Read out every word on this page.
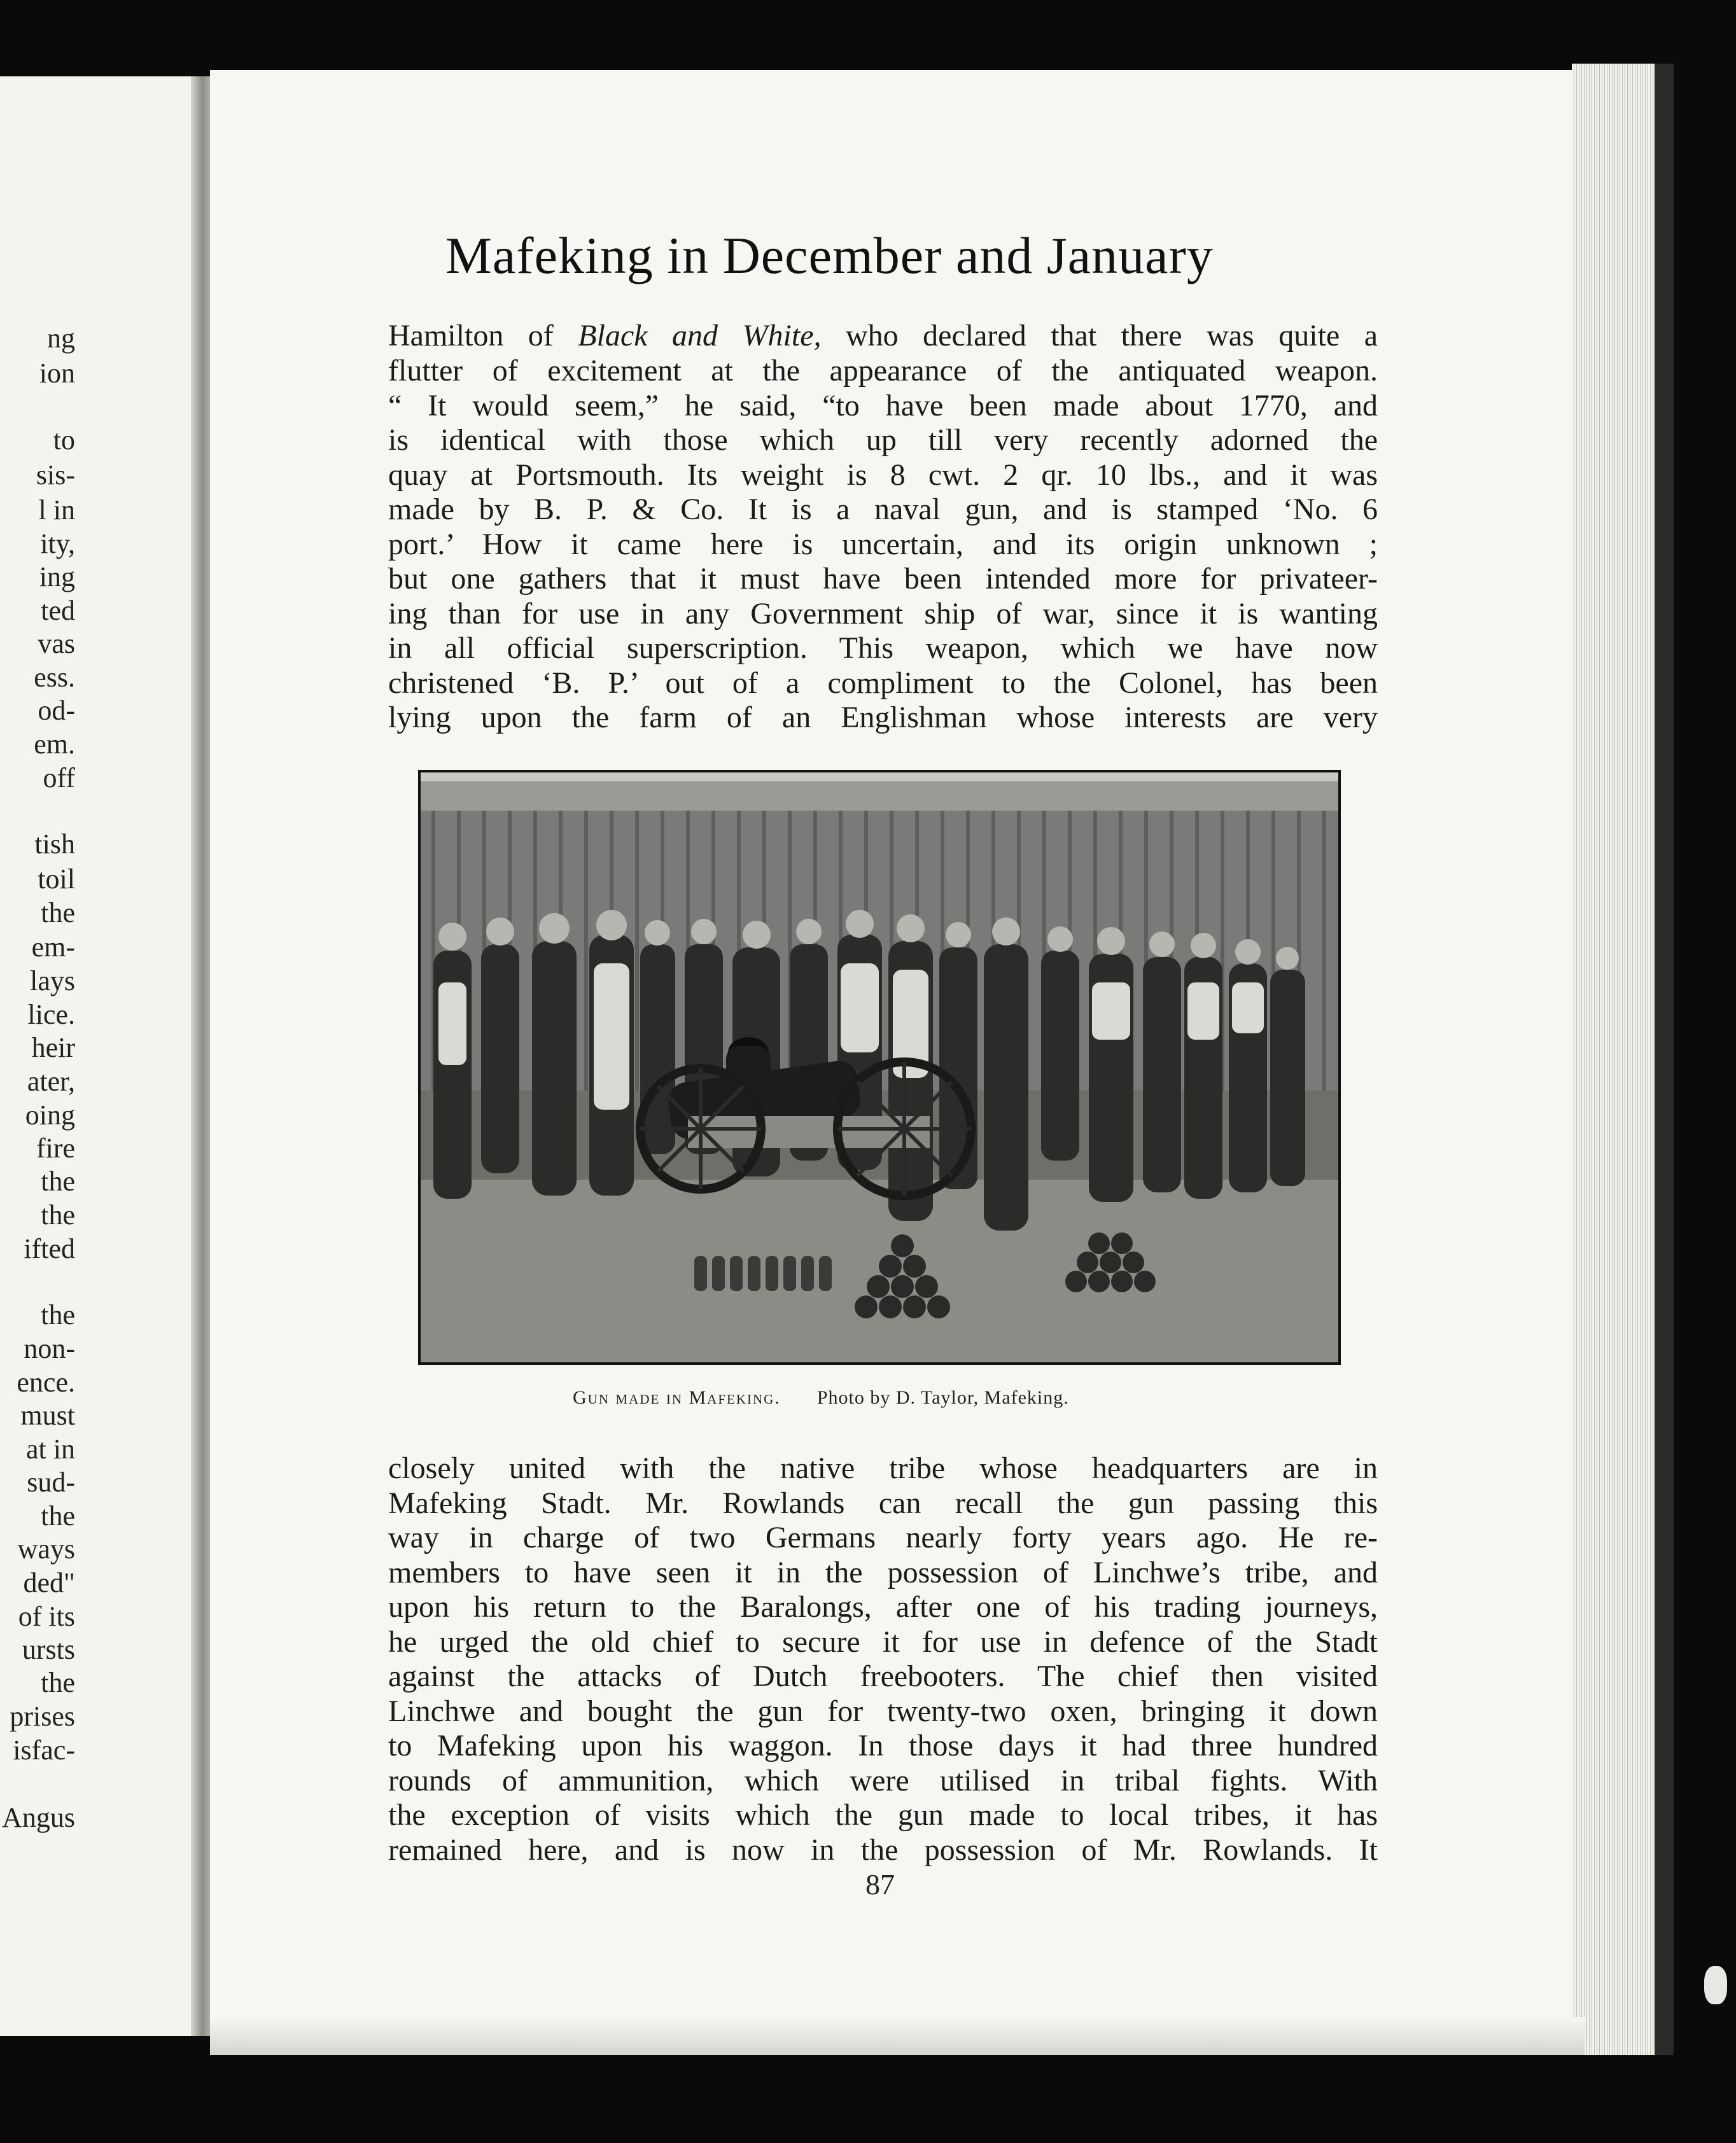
ng
ion
to
sis-
l in
ity,
ing
ted
vas
ess.
od-
em.
off
tish
toil
the
em-
lays
lice.
heir
ater,
oing
fire
the
the
ifted
the
non-
ence.
must
at in
sud-
the
ways
ded"
of its
ursts
the
prises
isfac-
Angus
Mafeking in December and January
Hamilton of Black and White, who declared that there was quite a
flutter of excitement at the appearance of the antiquated weapon.
“ It would seem,” he said, “to have been made about 1770, and
is identical with those which up till very recently adorned the
quay at Portsmouth. Its weight is 8 cwt. 2 qr. 10 lbs., and it was
made by B. P. & Co. It is a naval gun, and is stamped ‘No. 6
port.’ How it came here is uncertain, and its origin unknown ;
but one gathers that it must have been intended more for privateer-
ing than for use in any Government ship of war, since it is wanting
in all official superscription. This weapon, which we have now
christened ‘B. P.’ out of a compliment to the Colonel, has been
lying upon the farm of an Englishman whose interests are very
Gun made in Mafeking. Photo by D. Taylor, Mafeking.
closely united with the native tribe whose headquarters are in
Mafeking Stadt. Mr. Rowlands can recall the gun passing this
way in charge of two Germans nearly forty years ago. He re-
members to have seen it in the possession of Linchwe’s tribe, and
upon his return to the Baralongs, after one of his trading journeys,
he urged the old chief to secure it for use in defence of the Stadt
against the attacks of Dutch freebooters. The chief then visited
Linchwe and bought the gun for twenty-two oxen, bringing it down
to Mafeking upon his waggon. In those days it had three hundred
rounds of ammunition, which were utilised in tribal fights. With
the exception of visits which the gun made to local tribes, it has
remained here, and is now in the possession of Mr. Rowlands. It
87
